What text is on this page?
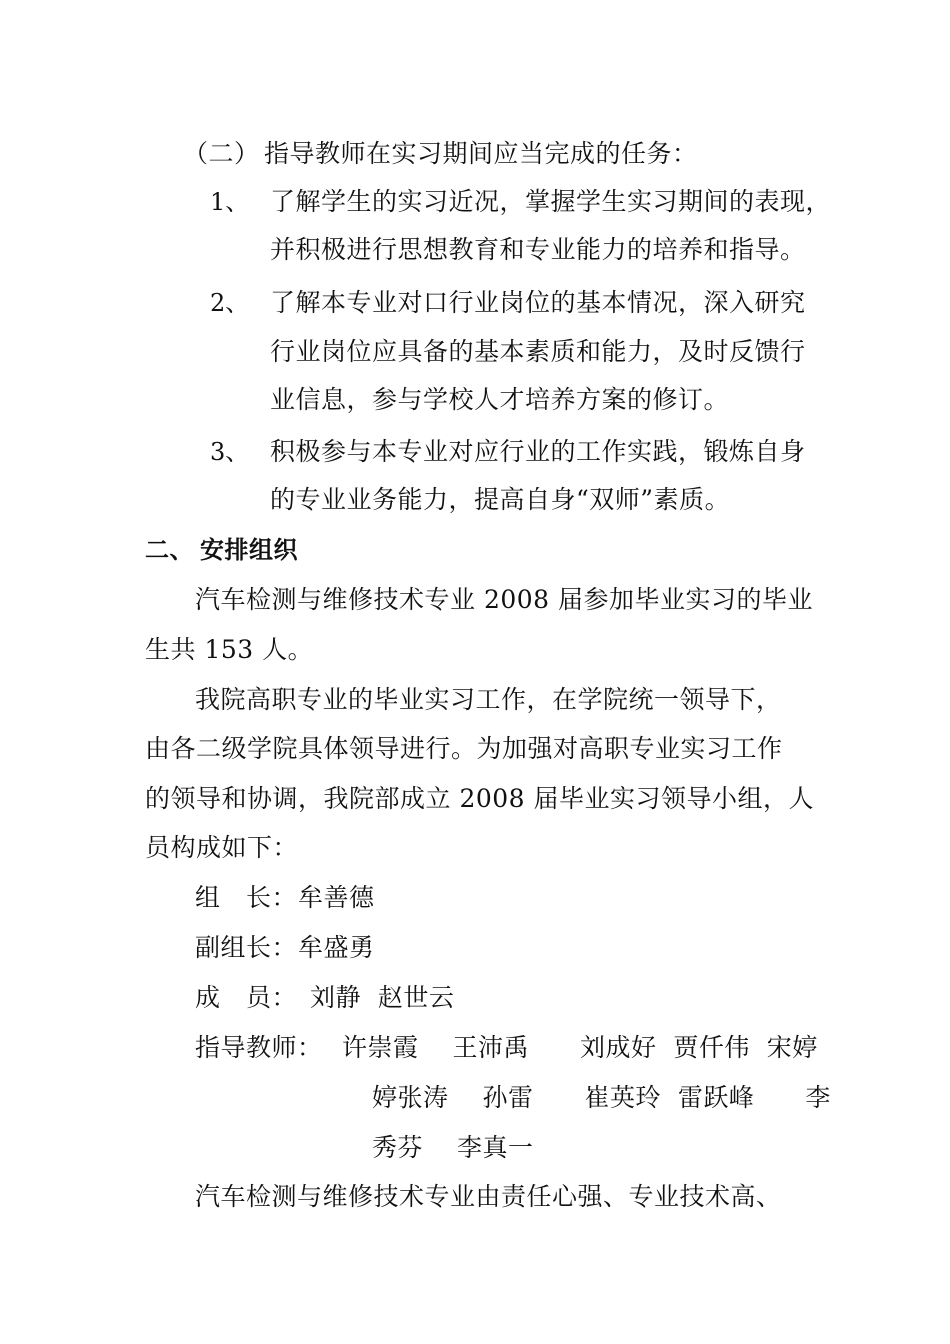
（二） 指导教师在实习期间应当完成的任务：
1、 了解学生的实习近况，掌握学生实习期间的表现，
并积极进行思想教育和专业能力的培养和指导。
2、 了解本专业对口行业岗位的基本情况，深入研究
行业岗位应具备的基本素质和能力，及时反馈行
业信息，参与学校人才培养方案的修订。
3、 积极参与本专业对应行业的工作实践，锻炼自身
的专业业务能力，提高自身“双师”素质。
二、 安排组织
汽车检测与维修技术专业 2008 届参加毕业实习的毕业
生共 153 人。
我院高职专业的毕业实习工作，在学院统一领导下，
由各二级学院具体领导进行。为加强对高职专业实习工作
的领导和协调，我院部成立 2008 届毕业实习领导小组，人
员构成如下：
组　长： 牟善德
副组长： 牟盛勇
成　员： 刘静  赵世云
指导教师： 许崇霞　 王沛禹　　刘成好  贾仟伟  宋婷
婷张涛　 孙雷　　崔英玲  雷跃峰　　李
秀芬　 李真一
汽车检测与维修技术专业由责任心强、专业技术高、
